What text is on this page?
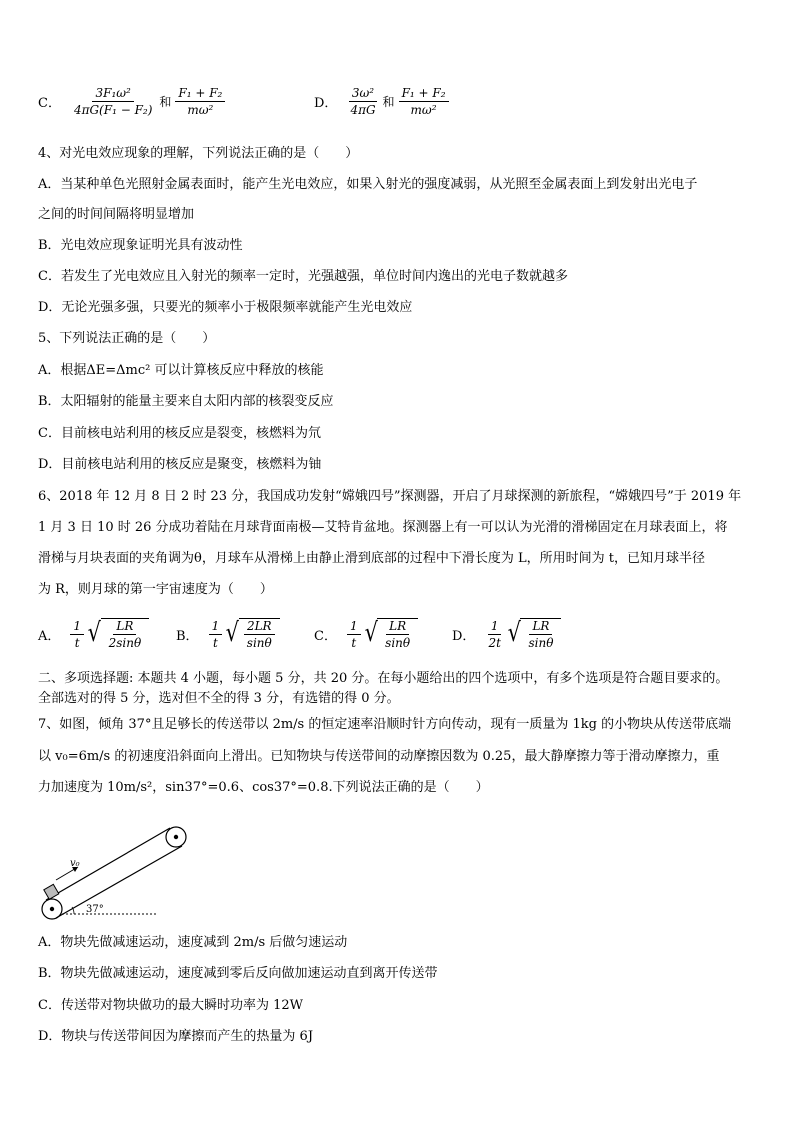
C． $\frac{\text{3F₁ω²}}{\text{4πG(F₁ − F₂)}}$ 和 $\frac{\text{F₁ + F₂}}{\text{mω²}}$	D． $\frac{\text{3ω²}}{4\pi G}$ 和 $\frac{\text{F₁ + F₂}}{\text{mω²}}$
4、对光电效应现象的理解，下列说法正确的是（　　）
A．当某种单色光照射金属表面时，能产生光电效应，如果入射光的强度减弱，从光照至金属表面上到发射出光电子
之间的时间间隔将明显增加
B．光电效应现象证明光具有波动性
C．若发生了光电效应且入射光的频率一定时，光强越强，单位时间内逸出的光电子数就越多
D．无论光强多强，只要光的频率小于极限频率就能产生光电效应
5、下列说法正确的是（　　）
A．根据ΔE=Δmc² 可以计算核反应中释放的核能
B．太阳辐射的能量主要来自太阳内部的核裂变反应
C．目前核电站利用的核反应是裂变，核燃料为氘
D．目前核电站利用的核反应是聚变，核燃料为铀
6、2018 年 12 月 8 日 2 时 23 分，我国成功发射“嫦娥四号”探测器，开启了月球探测的新旅程，“嫦娥四号”于 2019 年
1 月 3 日 10 时 26 分成功着陆在月球背面南极—艾特肯盆地。探测器上有一可以认为光滑的滑梯固定在月球表面上，将
滑梯与月块表面的夹角调为θ，月球车从滑梯上由静止滑到底部的过程中下滑长度为 L，所用时间为 t，已知月球半径
为 R，则月球的第一宇宙速度为（　　）
A． $\frac{1}{t}$ √ $\frac{LR}{2\sin\theta}$ B． $\frac{1}{t}$ √ $\frac{2LR}{\sin\theta}$	C． $\frac{1}{t}$ √ $\frac{LR}{\sin\theta}$	D． $\frac{1}{2t}$ √ $\frac{LR}{\sin\theta}$
二、多项选择题: 本题共 4 小题，每小题 5 分，共 20 分。在每小题给出的四个选项中，有多个选项是符合题目要求的。
全部选对的得 5 分，选对但不全的得 3 分，有选错的得 0 分。
7、如图，倾角 37°且足够长的传送带以 2m/s 的恒定速率沿顺时针方向传动，现有一质量为 1kg 的小物块从传送带底端
以 v₀=6m/s 的初速度沿斜面向上滑出。已知物块与传送带间的动摩擦因数为 0.25，最大静摩擦力等于滑动摩擦力，重
力加速度为 10m/s²，sin37°=0.6、cos37°=0.8.下列说法正确的是（　　）
v₀
37°
A．物块先做减速运动，速度减到 2m/s 后做匀速运动
B．物块先做减速运动，速度减到零后反向做加速运动直到离开传送带
C．传送带对物块做功的最大瞬时功率为 12W
D．物块与传送带间因为摩擦而产生的热量为 6J
